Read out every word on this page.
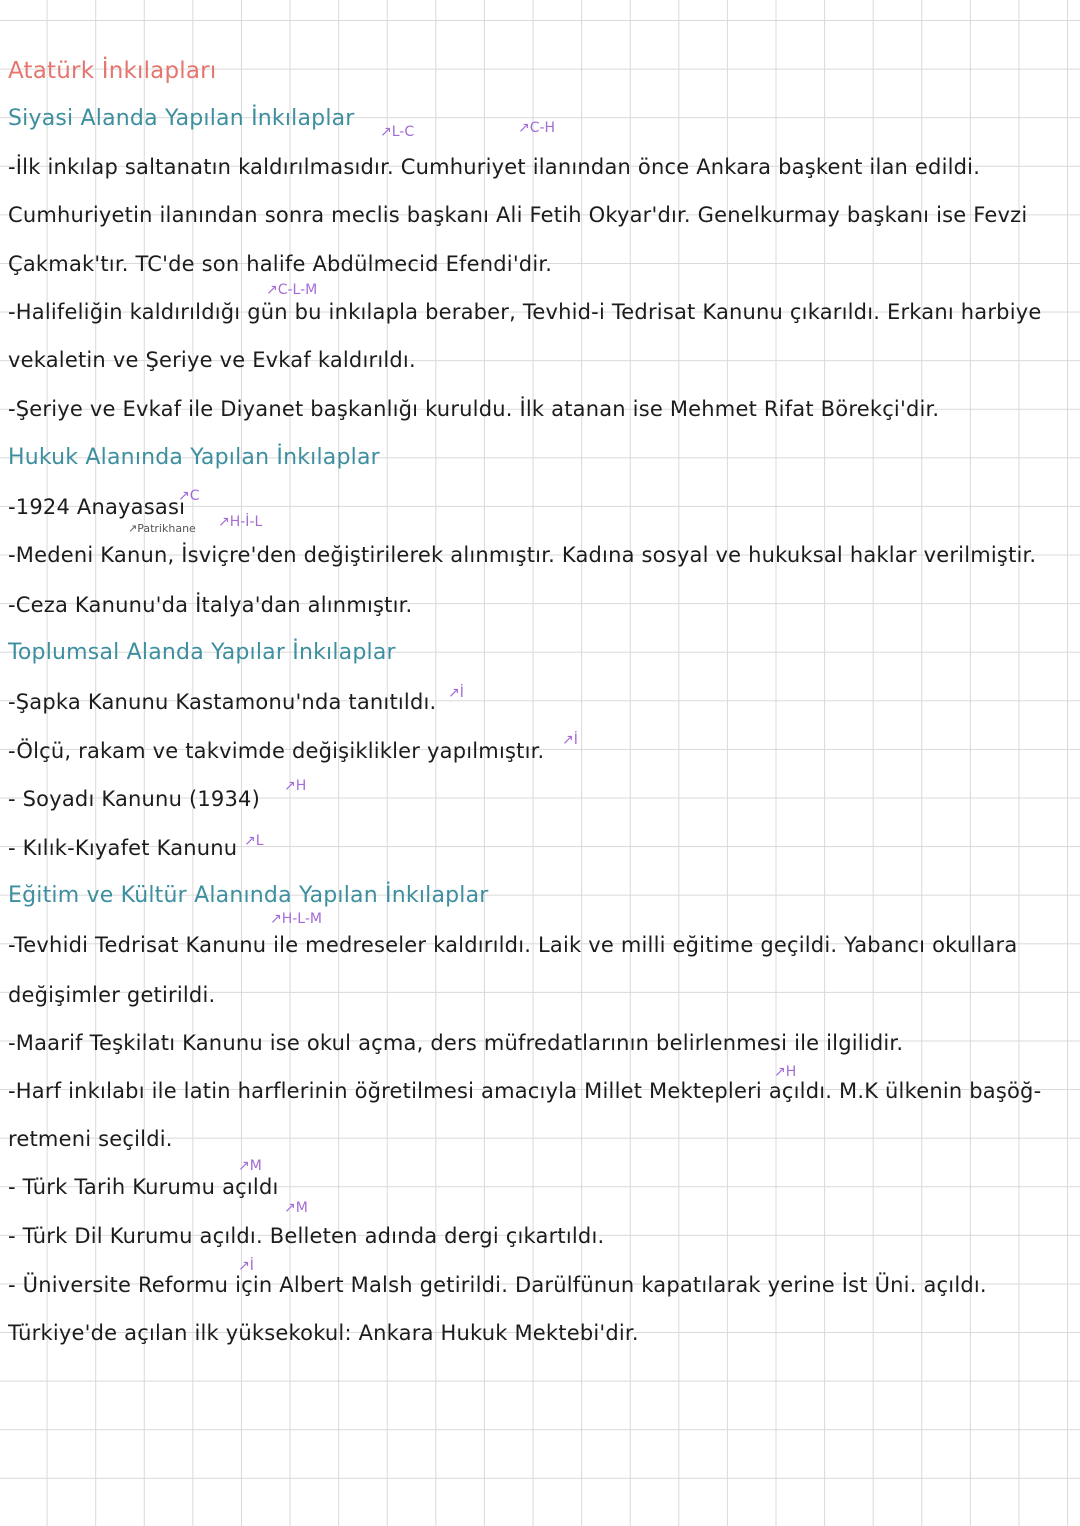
Atatürk İnkılapları
Siyasi Alanda Yapılan İnkılaplar
-İlk inkılap saltanatın kaldırılmasıdır. Cumhuriyet ilanından önce Ankara başkent ilan edildi.
Cumhuriyetin ilanından sonra meclis başkanı Ali Fetih Okyar'dır. Genelkurmay başkanı ise Fevzi
Çakmak'tır. TC'de son halife Abdülmecid Efendi'dir.
-Halifeliğin kaldırıldığı gün bu inkılapla beraber, Tevhid-i Tedrisat Kanunu çıkarıldı. Erkanı harbiye
vekaletin ve Şeriye ve Evkaf kaldırıldı.
-Şeriye ve Evkaf ile Diyanet başkanlığı kuruldu. İlk atanan ise Mehmet Rifat Börekçi'dir.
Hukuk Alanında Yapılan İnkılaplar
-1924 Anayasası
-Medeni Kanun, İsviçre'den değiştirilerek alınmıştır. Kadına sosyal ve hukuksal haklar verilmiştir.
-Ceza Kanunu'da İtalya'dan alınmıştır.
Toplumsal Alanda Yapılar İnkılaplar
-Şapka Kanunu Kastamonu'nda tanıtıldı.
-Ölçü, rakam ve takvimde değişiklikler yapılmıştır.
- Soyadı Kanunu (1934)
- Kılık-Kıyafet Kanunu
Eğitim ve Kültür Alanında Yapılan İnkılaplar
-Tevhidi Tedrisat Kanunu ile medreseler kaldırıldı. Laik ve milli eğitime geçildi. Yabancı okullara
değişimler getirildi.
-Maarif Teşkilatı Kanunu ise okul açma, ders müfredatlarının belirlenmesi ile ilgilidir.
-Harf inkılabı ile latin harflerinin öğretilmesi amacıyla Millet Mektepleri açıldı. M.K ülkenin başöğ-
retmeni seçildi.
- Türk Tarih Kurumu açıldı
- Türk Dil Kurumu açıldı. Belleten adında dergi çıkartıldı.
- Üniversite Reformu için Albert Malsh getirildi. Darülfünun kapatılarak yerine İst Üni. açıldı.
Türkiye'de açılan ilk yüksekokul: Ankara Hukuk Mektebi'dir.
↗L-C	↗C-H
↗C-L-M
↗C
↗Patrikhane ↗H-İ-L
↗İ
↗İ
↗H
↗L
↗H-L-M
↗H
↗M
↗M
↗İ
